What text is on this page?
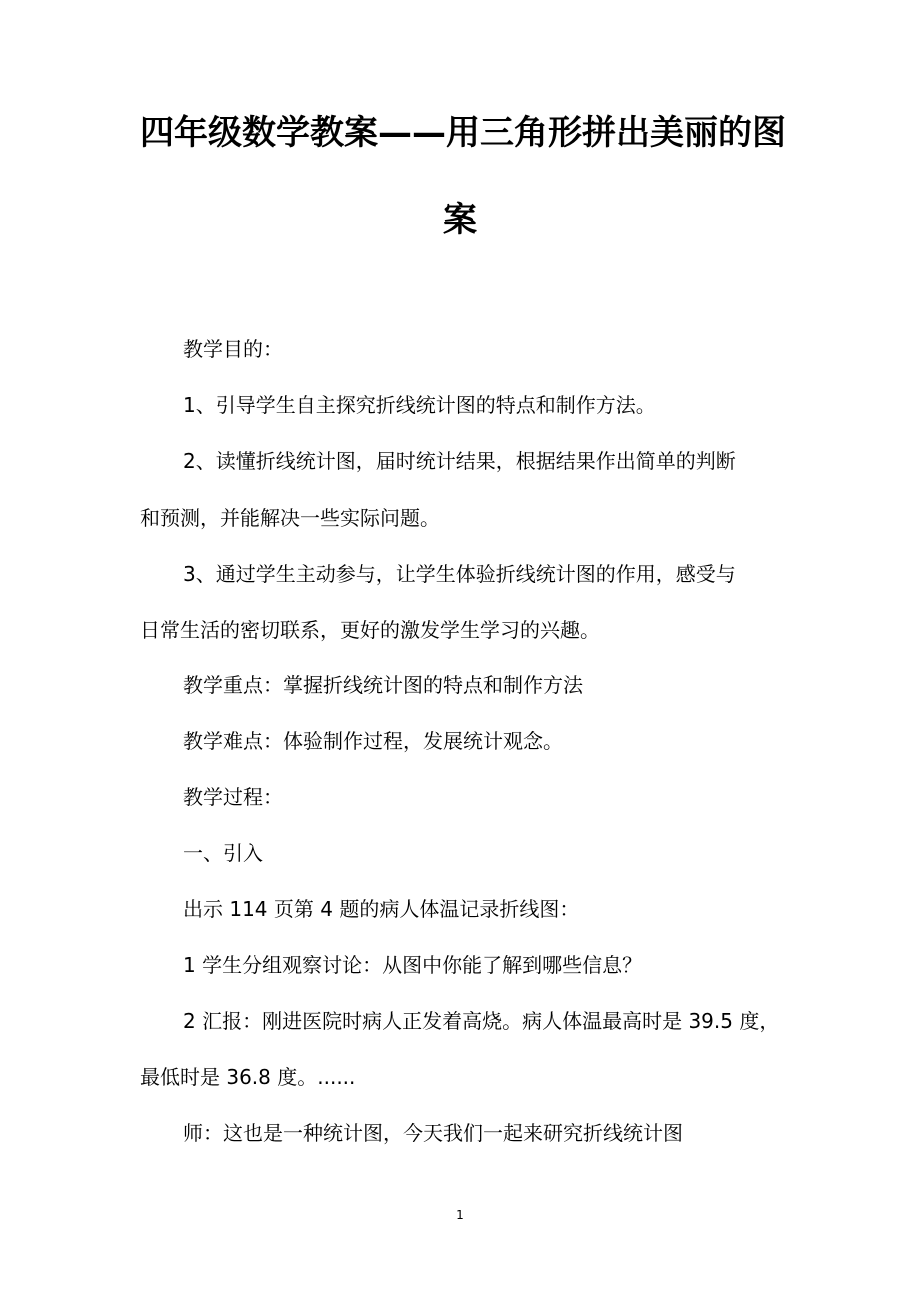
四年级数学教案——用三角形拼出美丽的图
案
教学目的：
1、引导学生自主探究折线统计图的特点和制作方法。
2、读懂折线统计图，届时统计结果，根据结果作出简单的判断
和预测，并能解决一些实际问题。
3、通过学生主动参与，让学生体验折线统计图的作用，感受与
日常生活的密切联系，更好的激发学生学习的兴趣。
教学重点：掌握折线统计图的特点和制作方法
教学难点：体验制作过程，发展统计观念。
教学过程：
一、引入
出示 114 页第 4 题的病人体温记录折线图：
1 学生分组观察讨论：从图中你能了解到哪些信息？
2 汇报：刚进医院时病人正发着高烧。病人体温最高时是 39.5 度，
最低时是 36.8 度。......
师：这也是一种统计图，今天我们一起来研究折线统计图
1
